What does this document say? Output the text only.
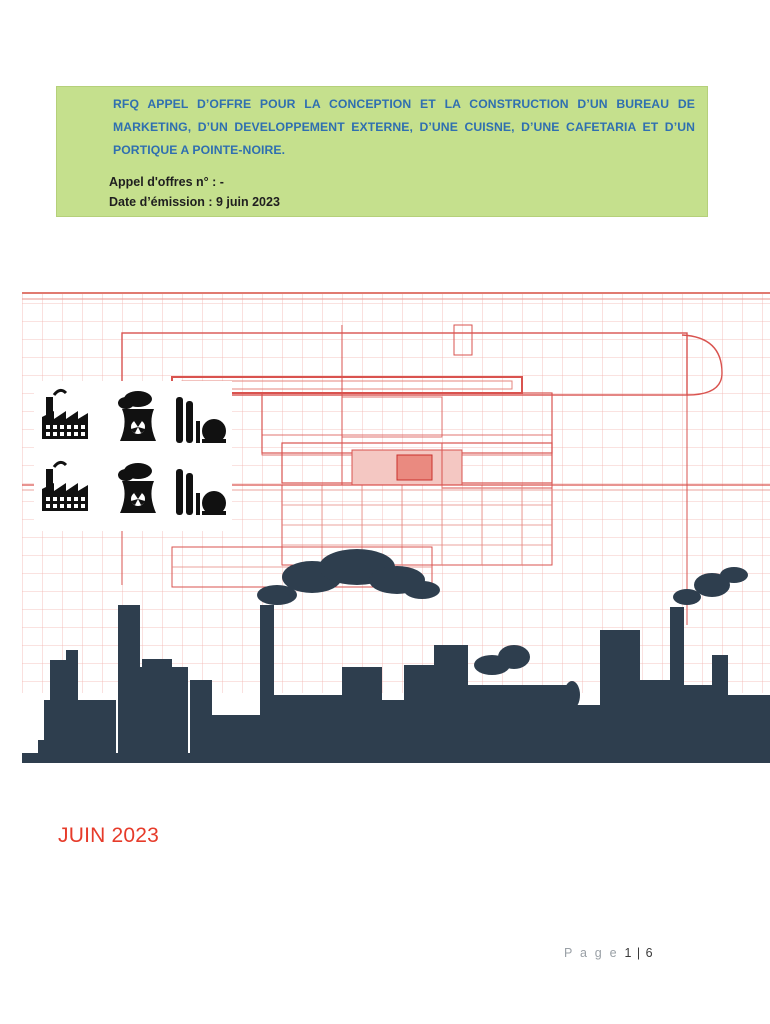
RFQ APPEL D’OFFRE POUR LA CONCEPTION ET LA CONSTRUCTION D’UN BUREAU DE MARKETING, D’UN DEVELOPPEMENT EXTERNE, D’UNE CUISNE, D’UNE CAFETARIA ET D’UN PORTIQUE A POINTE-NOIRE.

Appel d'offres n° : -

Date d’émission : 9 juin 2023

JUIN 2023

P a g e 1 | 6
